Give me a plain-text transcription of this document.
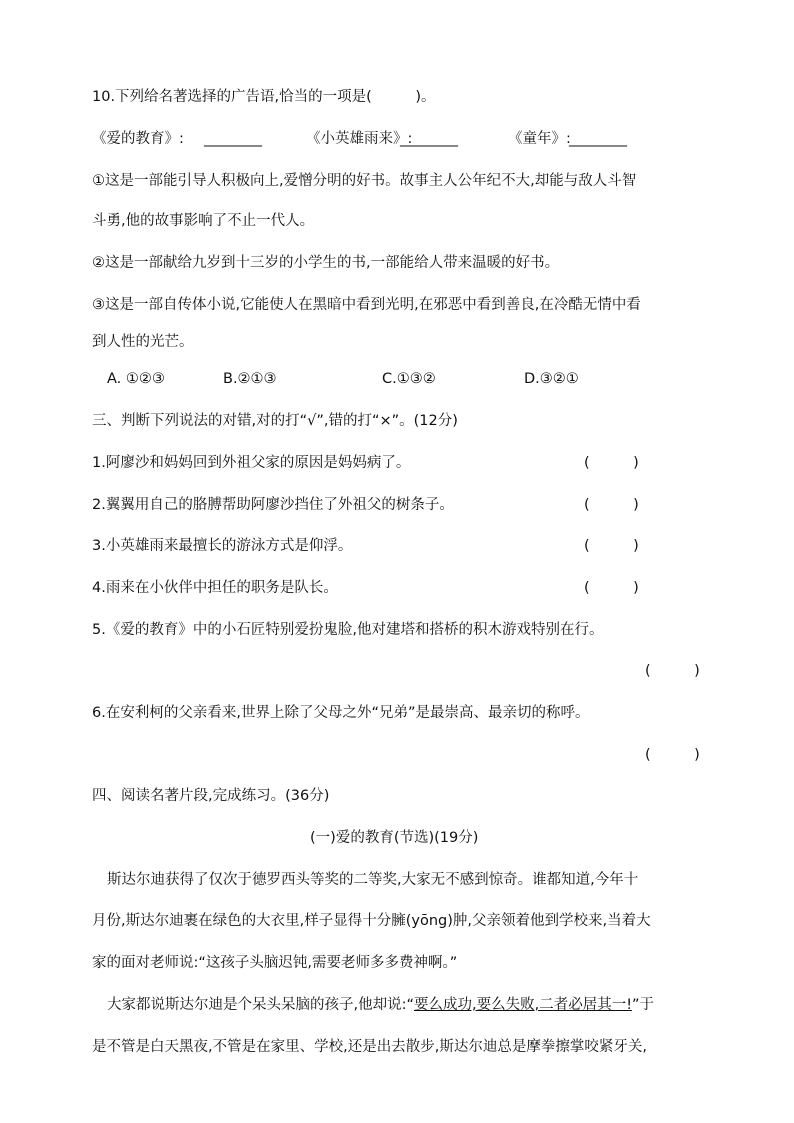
10.下列给名著选择的广告语,恰当的一项是(　　　)。
《爱的教育》: ________	《小英雄雨来》:
________	《童年》:
________
①这是一部能引导人积极向上,爱憎分明的好书。故事主人公年纪不大,却能与敌人斗智
斗勇,他的故事影响了不止一代人。
②这是一部献给九岁到十三岁的小学生的书,一部能给人带来温暖的好书。
③这是一部自传体小说,它能使人在黑暗中看到光明,在邪恶中看到善良,在冷酷无情中看
到人性的光芒。
A. ①②③	B.②①③	C.①③②	D.③②①
三、判断下列说法的对错,对的打“√”,错的打“×”。(12分)
1.阿廖沙和妈妈回到外祖父家的原因是妈妈病了。	(　　　)
2.翼翼用自己的胳膊帮助阿廖沙挡住了外祖父的树条子。	(　　　)
3.小英雄雨来最擅长的游泳方式是仰浮。	(　　　)
4.雨来在小伙伴中担任的职务是队长。	(　　　)
5.《爱的教育》中的小石匠特别爱扮鬼脸,他对建塔和搭桥的积木游戏特别在行。
(　　　)
6.在安利柯的父亲看来,世界上除了父母之外“兄弟”是最崇高、最亲切的称呼。
(　　　)
四、阅读名著片段,完成练习。(36分)
(一)爱的教育(节选)(19分)
斯达尔迪获得了仅次于德罗西头等奖的二等奖,大家无不感到惊奇。谁都知道,今年十
月份,斯达尔迪裹在绿色的大衣里,样子显得十分臃(yōng)肿,父亲领着他到学校来,当着大
家的面对老师说:“这孩子头脑迟钝,需要老师多多费神啊。”
大家都说斯达尔迪是个呆头呆脑的孩子,他却说:“要么成功,要么失败,二者必居其一!”于
是不管是白天黑夜,不管是在家里、学校,还是出去散步,斯达尔迪总是摩拳擦掌咬紧牙关,
